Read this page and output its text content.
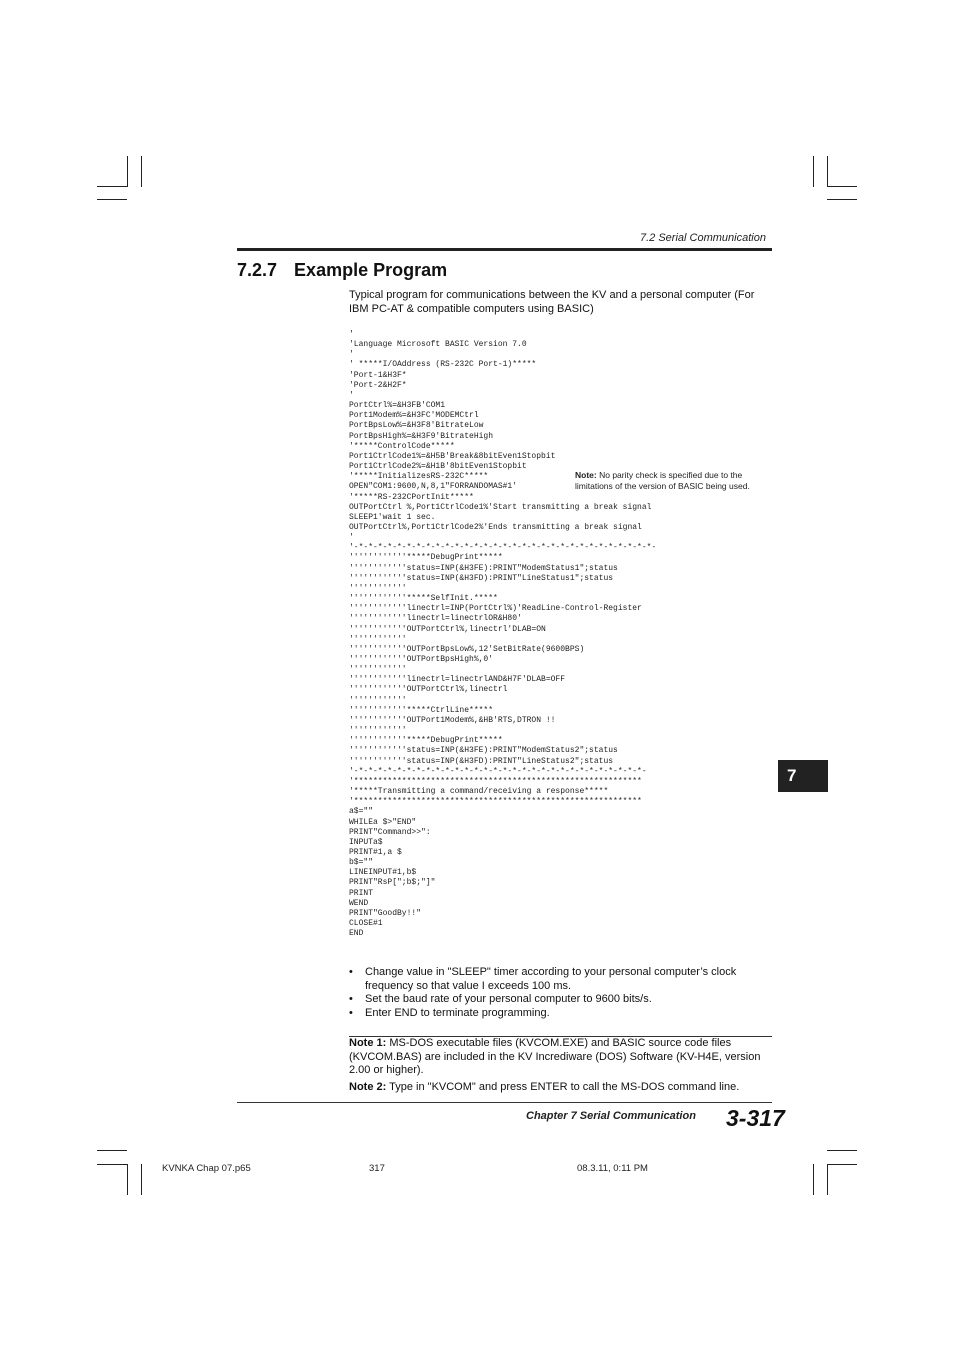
7.2 Serial Communication
7.2.7 Example Program
Typical program for communications between the KV and a personal computer (For IBM PC-AT & compatible computers using BASIC)
'
'Language Microsoft BASIC Version 7.0
'
' *****I/OAddress (RS-232C Port-1)*****
'Port-1&H3F*
'Port-2&H2F*
'
PortCtrl%=&H3FB'COM1
Port1Modem%=&H3FC'MODEMCtrl
PortBpsLow%=&H3F8'BitrateLow
PortBpsHigh%=&H3F9'BitrateHigh
'*****ControlCode*****
Port1CtrlCode1%=&H5B'Break&8bitEven1Stopbit
Port1CtrlCode2%=&H1B'8bitEven1Stopbit
'*****InitializesRS-232C*****
OPEN"COM1:9600,N,8,1"FORRANDOMAS#1'
'*****RS-232CPortInit*****
OUTPortCtrl %,Port1CtrlCode1%'Start transmitting a break signal
SLEEP1'wait 1 sec.
OUTPortCtrl%,Port1CtrlCode2%'Ends transmitting a break signal
'
'-*-*-*-*-*-*-*-*-*-*-*-*-*-*-*-*-*-*-*-*-*-*-*-*-*-*-*-*-*-*-*-
''''''''''''*****DebugPrint*****
''''''''''''status=INP(&H3FE):PRINT"ModemStatus1";status
''''''''''''status=INP(&H3FD):PRINT"LineStatus1";status
''''''''''''
''''''''''''*****SelfInit.*****
''''''''''''linectrl=INP(PortCtrl%)'ReadLine-Control-Register
''''''''''''linectrl=linectrlOR&H80'
''''''''''''OUTPortCtrl%,linectrl'DLAB=ON
''''''''''''
''''''''''''OUTPortBpsLow%,12'SetBitRate(9600BPS)
''''''''''''OUTPortBpsHigh%,0'
''''''''''''
''''''''''''linectrl=linectrlAND&H7F'DLAB=OFF
''''''''''''OUTPortCtrl%,linectrl
''''''''''''
''''''''''''*****CtrlLine*****
''''''''''''OUTPort1Modem%,&HB'RTS,DTRON !!
''''''''''''
''''''''''''*****DebugPrint*****
''''''''''''status=INP(&H3FE):PRINT"ModemStatus2";status
''''''''''''status=INP(&H3FD):PRINT"LineStatus2";status
'-*-*-*-*-*-*-*-*-*-*-*-*-*-*-*-*-*-*-*-*-*-*-*-*-*-*-*-*-*-*-
'************************************************************
'*****Transmitting a command/receiving a response*****
'************************************************************
a$=""
WHILEa $>"END"
PRINT"Command>>":
INPUTa$
PRINT#1,a $
b$=""
LINEINPUT#1,b$
PRINT"RsP[";b$;"]"
PRINT
WEND
PRINT"GoodBy!!"
CLOSE#1
END
Note: No parity check is specified due to the limitations of the version of BASIC being used.
7
• Change value in "SLEEP" timer according to your personal computer’s clock frequency so that value I exceeds 100 ms.
• Set the baud rate of your personal computer to 9600 bits/s.
• Enter END to terminate programming.
Note 1: MS-DOS executable files (KVCOM.EXE) and BASIC source code files (KVCOM.BAS) are included in the KV Incrediware (DOS) Software (KV-H4E, version 2.00 or higher).
Note 2: Type in "KVCOM" and press ENTER to call the MS-DOS command line.
Chapter 7 Serial Communication 3-317
KVNKA Chap 07.p65	317	08.3.11, 0:11 PM
